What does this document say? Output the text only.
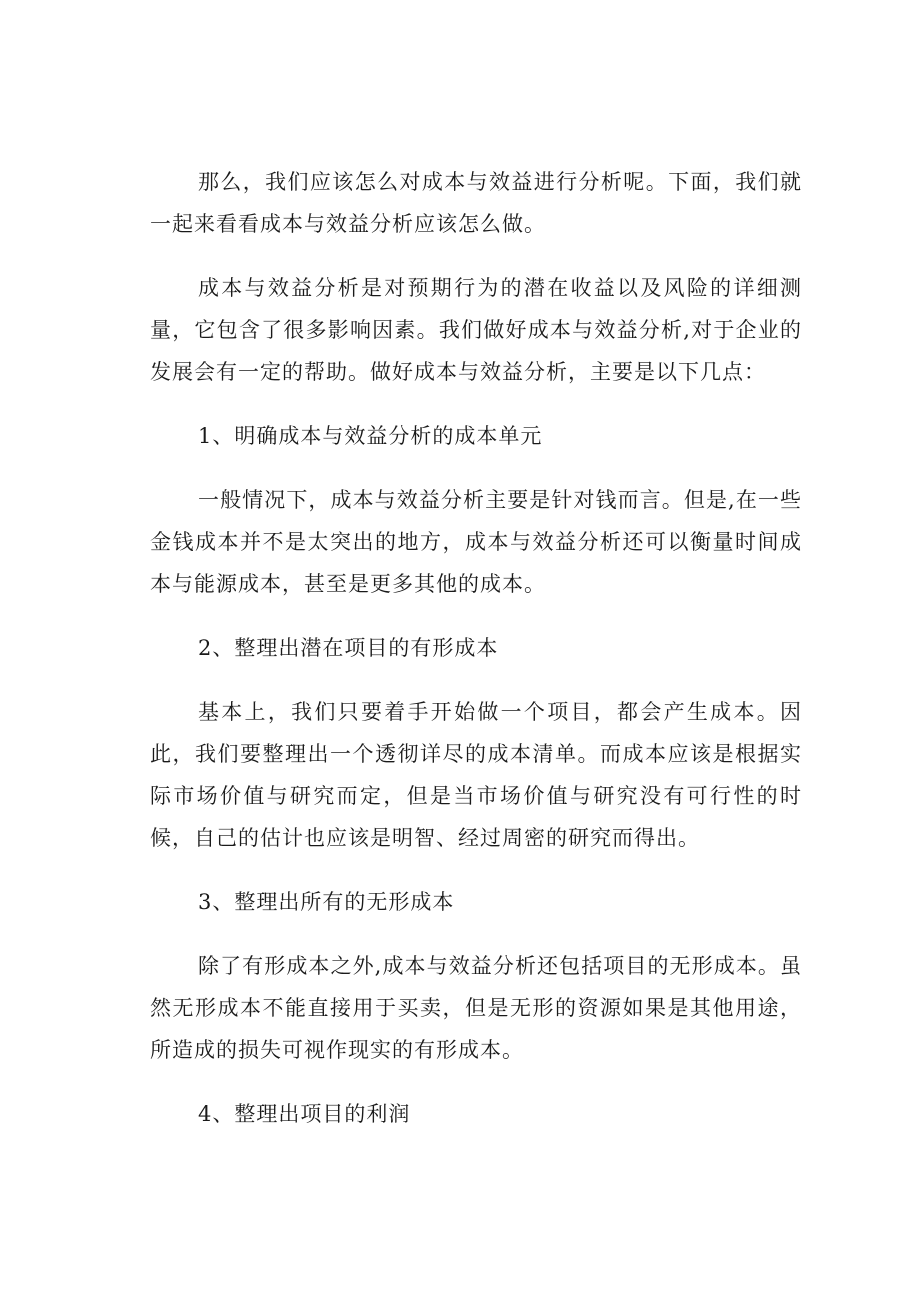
那么，我们应该怎么对成本与效益进行分析呢。下面，我们就一起来看看成本与效益分析应该怎么做。

成本与效益分析是对预期行为的潜在收益以及风险的详细测量，它包含了很多影响因素。我们做好成本与效益分析,对于企业的发展会有一定的帮助。做好成本与效益分析，主要是以下几点：

1、明确成本与效益分析的成本单元

一般情况下，成本与效益分析主要是针对钱而言。但是,在一些金钱成本并不是太突出的地方，成本与效益分析还可以衡量时间成本与能源成本，甚至是更多其他的成本。

2、整理出潜在项目的有形成本

基本上，我们只要着手开始做一个项目，都会产生成本。因此，我们要整理出一个透彻详尽的成本清单。而成本应该是根据实际市场价值与研究而定，但是当市场价值与研究没有可行性的时候，自己的估计也应该是明智、经过周密的研究而得出。

3、整理出所有的无形成本

除了有形成本之外,成本与效益分析还包括项目的无形成本。虽然无形成本不能直接用于买卖，但是无形的资源如果是其他用途，所造成的损失可视作现实的有形成本。

4、整理出项目的利润
